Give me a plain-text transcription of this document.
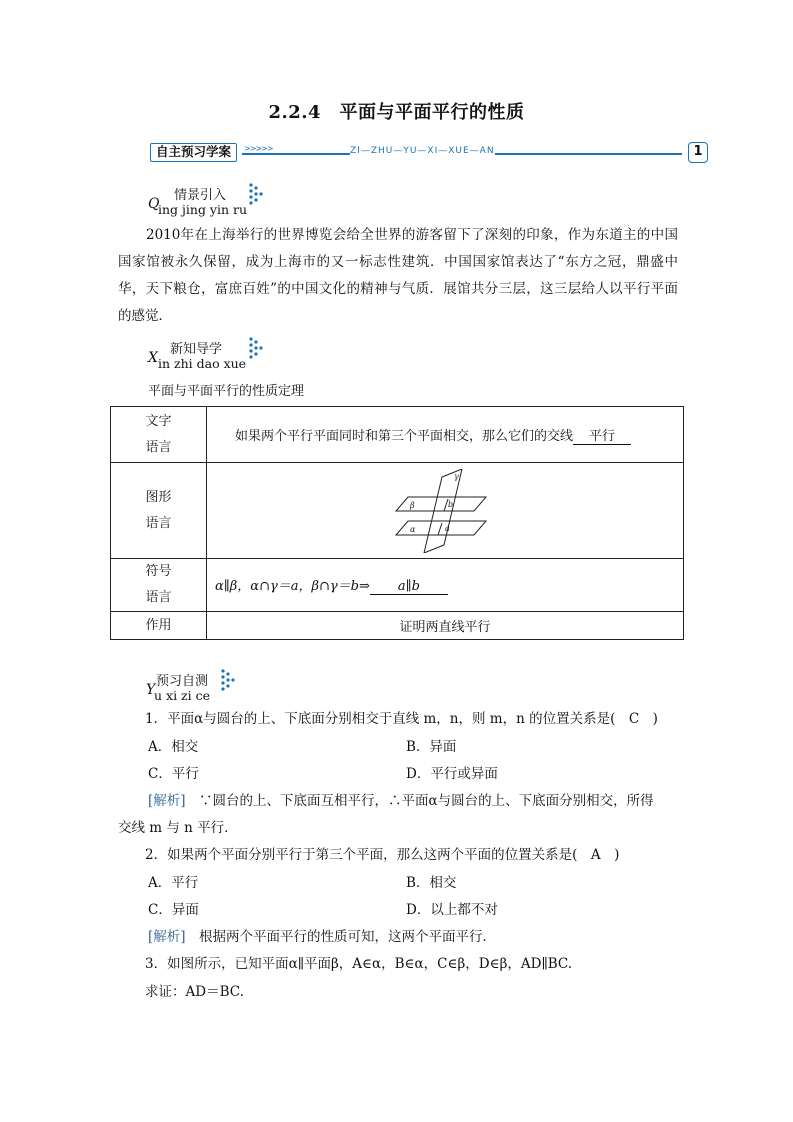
2.2.4　平面与平面平行的性质
自主预习学案	>>>>>	ZI—ZHU—YU—XI—XUE—AN	1
Q
情景引入
ing jing yin ru
2010年在上海举行的世界博览会给全世界的游客留下了深刻的印象，作为东道主的中国国家馆被永久保留，成为上海市的又一标志性建筑．中国国家馆表达了“东方之冠，鼎盛中华，天下粮仓，富庶百姓”的中国文化的精神与气质．展馆共分三层，这三层给人以平行平面的感觉．
X
新知导学
in zhi dao xue
平面与平面平行的性质定理
文字
语言	如果两个平行平面同时和第三个平面相交，那么它们的交线 平行
图形
语言	β
α
γ
b
a

符号
语言	α∥β，α∩γ＝a，β∩γ＝b⇒ a∥b
作用	证明两直线平行
Y
预习自测
u xi zi ce
1．平面α与圆台的上、下底面分别相交于直线 m，n，则 m，n 的位置关系是(　C　)
A．相交	B．异面
C．平行	D．平行或异面
[解析]　 ∵圆台的上、下底面互相平行，∴平面α与圆台的上、下底面分别相交，所得
交线 m 与 n 平行．
2．如果两个平面分别平行于第三个平面，那么这两个平面的位置关系是(　A　)
A．平行	B．相交
C．异面	D．以上都不对
[解析]　 根据两个平面平行的性质可知，这两个平面平行．
3．如图所示，已知平面α∥平面β，A∈α，B∈α，C∈β，D∈β，AD∥BC.
求证：AD＝BC.
